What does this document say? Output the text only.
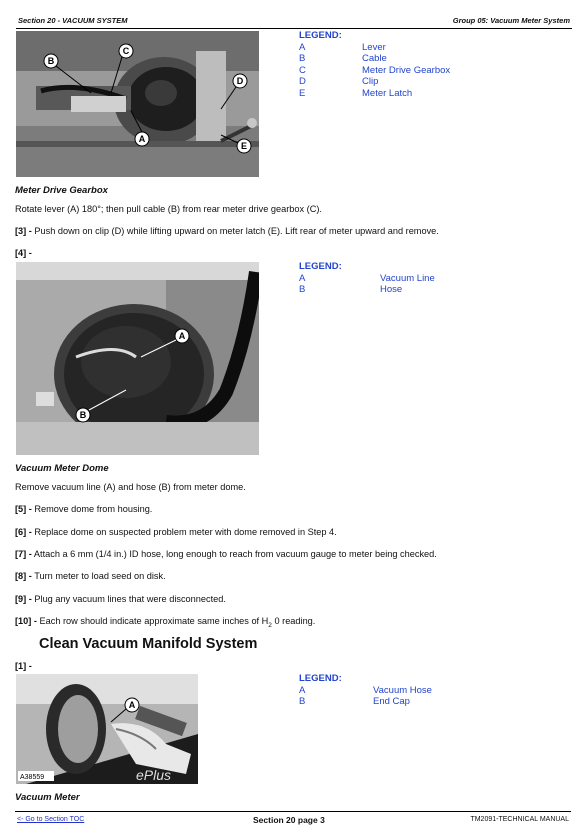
Section 20 - VACUUM SYSTEM	Group 05: Vacuum Meter System
A
B
C
D
E
LEGEND:
A	Lever
B	Cable
C	Meter Drive Gearbox
D	Clip
E	Meter Latch
Meter Drive Gearbox
Rotate lever (A) 180°; then pull cable (B) from rear meter drive gearbox (C).
[3] - Push down on clip (D) while lifting upward on meter latch (E). Lift rear of meter upward and remove.
[4] -
A
B
LEGEND:
A	Vacuum Line
B	Hose
Vacuum Meter Dome
Remove vacuum line (A) and hose (B) from meter dome.
[5] - Remove dome from housing.
[6] - Replace dome on suspected problem meter with dome removed in Step 4.
[7] - Attach a 6 mm (1/4 in.) ID hose, long enough to reach from vacuum gauge to meter being checked.
[8] - Turn meter to load seed on disk.
[9] - Plug any vacuum lines that were disconnected.
[10] - Each row should indicate approximate same inches of $H_2$ 0 reading.
Clean Vacuum Manifold System
[1] -
ePlus
A38559
A
LEGEND:
A	Vacuum Hose
B	End Cap
Vacuum Meter
<- Go to Section TOC	Section 20 page 3	TM2091-TECHNICAL MANUAL
